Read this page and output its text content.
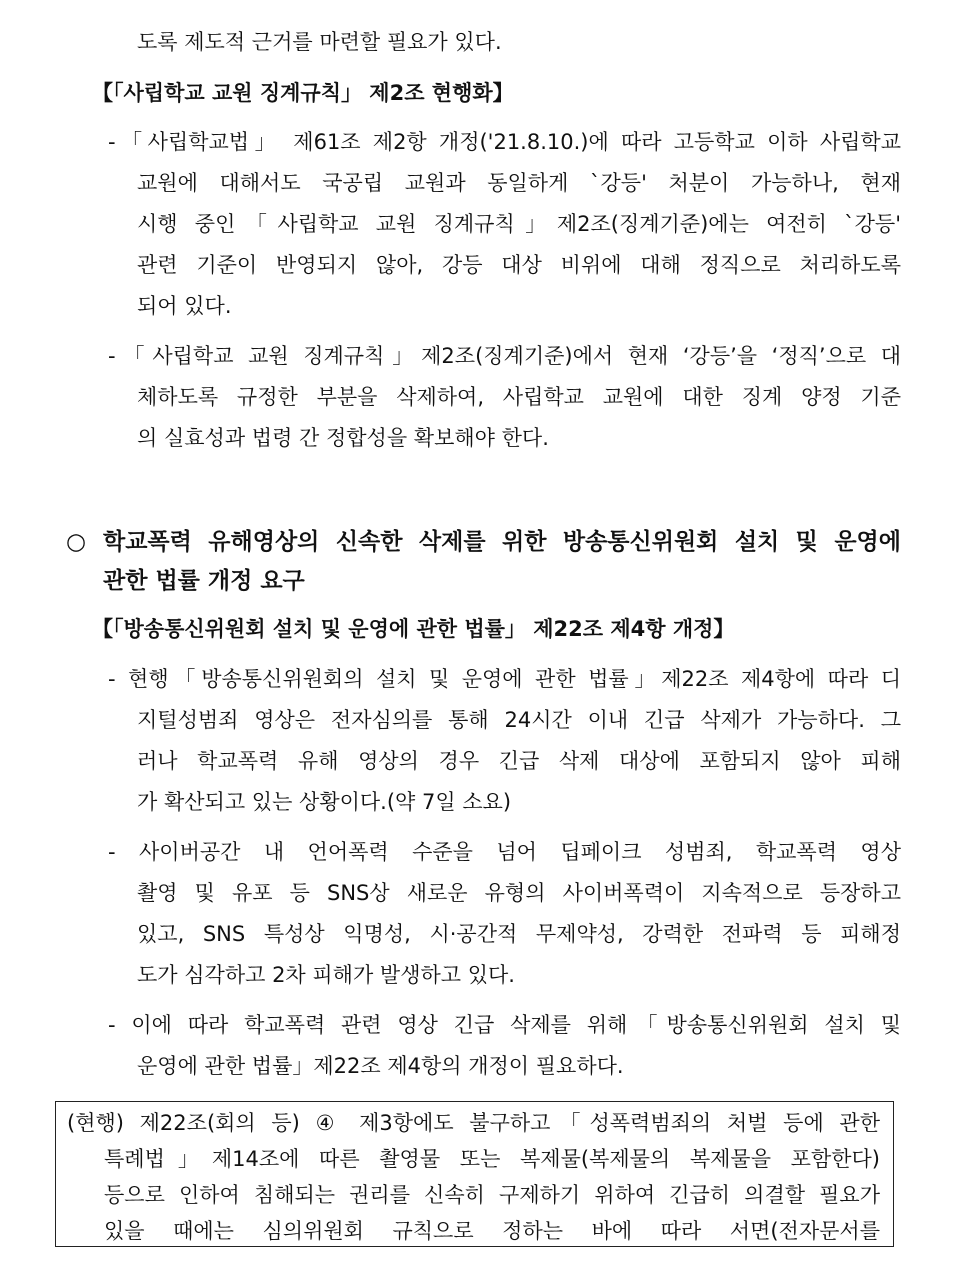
도록 제도적 근거를 마련할 필요가 있다.
【「사립학교 교원 징계규칙」 제2조 현행화】
-「사립학교법」 제61조 제2항 개정('21.8.10.)에 따라 고등학교 이하 사립학교
교원에 대해서도 국공립 교원과 동일하게 `강등' 처분이 가능하나, 현재
시행 중인「사립학교 교원 징계규칙」제2조(징계기준)에는 여전히 `강등'
관련 기준이 반영되지 않아, 강등 대상 비위에 대해 정직으로 처리하도록
되어 있다.
-「사립학교 교원 징계규칙」제2조(징계기준)에서 현재 ‘강등’을 ‘정직’으로 대
체하도록 규정한 부분을 삭제하여, 사립학교 교원에 대한 징계 양정 기준
의 실효성과 법령 간 정합성을 확보해야 한다.
○ 학교폭력 유해영상의 신속한 삭제를 위한 방송통신위원회 설치 및 운영에
관한 법률 개정 요구
【「방송통신위원회 설치 및 운영에 관한 법률」 제22조 제4항 개정】
- 현행「방송통신위원회의 설치 및 운영에 관한 법률」제22조 제4항에 따라 디
지털성범죄 영상은 전자심의를 통해 24시간 이내 긴급 삭제가 가능하다. 그
러나 학교폭력 유해 영상의 경우 긴급 삭제 대상에 포함되지 않아 피해
가 확산되고 있는 상황이다.(약 7일 소요)
- 사이버공간 내 언어폭력 수준을 넘어 딥페이크 성범죄, 학교폭력 영상
촬영 및 유포 등 SNS상 새로운 유형의 사이버폭력이 지속적으로 등장하고
있고, SNS 특성상 익명성, 시·공간적 무제약성, 강력한 전파력 등 피해정
도가 심각하고 2차 피해가 발생하고 있다.
- 이에 따라 학교폭력 관련 영상 긴급 삭제를 위해「방송통신위원회 설치 및
운영에 관한 법률」제22조 제4항의 개정이 필요하다.
(현행) 제22조(회의 등) ④ 제3항에도 불구하고「성폭력범죄의 처벌 등에 관한
특례법」제14조에 따른 촬영물 또는 복제물(복제물의 복제물을 포함한다)
등으로 인하여 침해되는 권리를 신속히 구제하기 위하여 긴급히 의결할 필요가
있을 때에는 심의위원회 규칙으로 정하는 바에 따라 서면(전자문서를
